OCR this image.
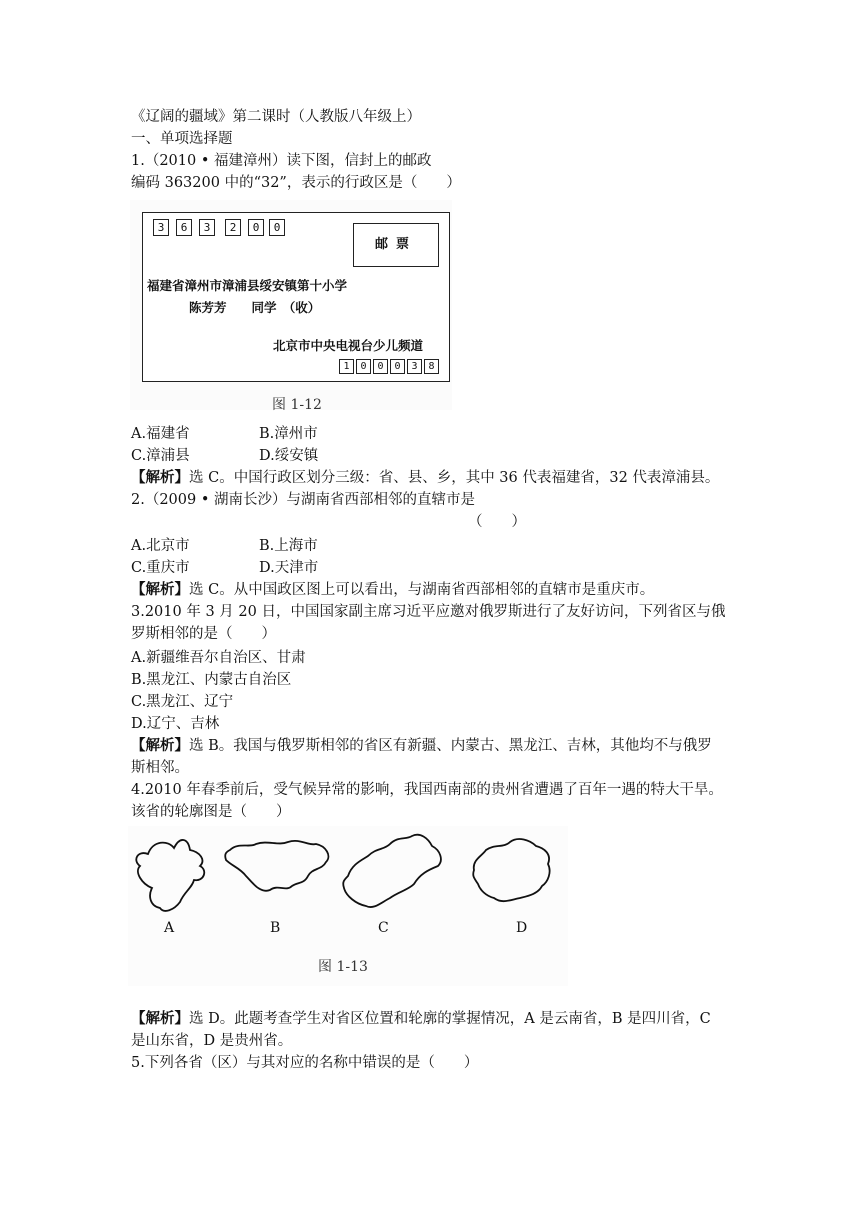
《辽阔的疆域》第二课时（人教版八年级上）
一、单项选择题
1.（2010 • 福建漳州）读下图，信封上的邮政
编码 363200 中的“32”，表示的行政区是（　　）
3	6	3	2	0	0
邮票
福建省漳州市漳浦县绥安镇第十小学
陈芳芳　　同学　（收）
北京市中央电视台少儿频道
1	0	0	0	3	8
图 1-12
A.福建省	B.漳州市
C.漳浦县	D.绥安镇
【解析】选 C。中国行政区划分三级：省、县、乡，其中 36 代表福建省，32 代表漳浦县。
2.（2009 • 湖南长沙）与湖南省西部相邻的直辖市是
（　　）
A.北京市	B.上海市
C.重庆市	D.天津市
【解析】选 C。从中国政区图上可以看出，与湖南省西部相邻的直辖市是重庆市。
3.2010 年 3 月 20 日，中国国家副主席习近平应邀对俄罗斯进行了友好访问，下列省区与俄
罗斯相邻的是（　　）
A.新疆维吾尔自治区、甘肃
B.黑龙江、内蒙古自治区
C.黑龙江、辽宁
D.辽宁、吉林
【解析】选 B。我国与俄罗斯相邻的省区有新疆、内蒙古、黑龙江、吉林，其他均不与俄罗
斯相邻。
4.2010 年春季前后，受气候异常的影响，我国西南部的贵州省遭遇了百年一遇的特大干旱。
该省的轮廓图是（　　）
A	B	C	D
图 1-13
【解析】选 D。此题考查学生对省区位置和轮廓的掌握情况，A 是云南省，B 是四川省，C
是山东省，D 是贵州省。
5.下列各省（区）与其对应的名称中错误的是（　　）
